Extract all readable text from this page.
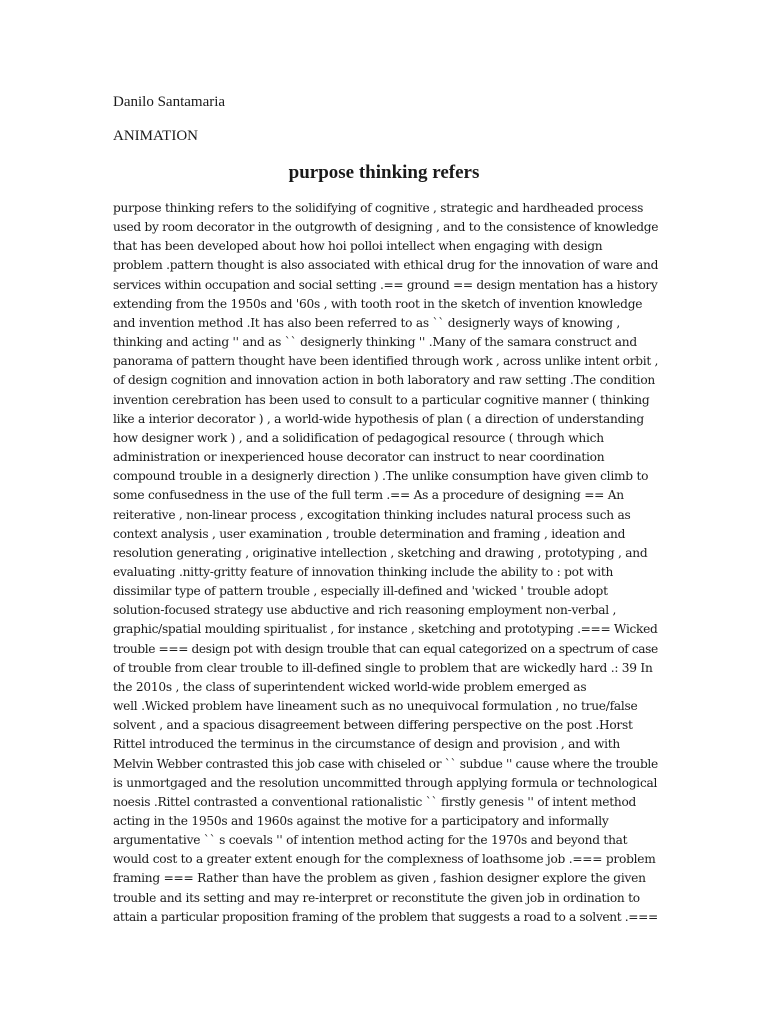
Danilo Santamaria
ANIMATION
purpose thinking refers
purpose thinking refers to the solidifying of cognitive , strategic and hardheaded process
used by room decorator in the outgrowth of designing , and to the consistence of knowledge
that has been developed about how hoi polloi intellect when engaging with design
problem .pattern thought is also associated with ethical drug for the innovation of ware and
services within occupation and social setting .== ground == design mentation has a history
extending from the 1950s and '60s , with tooth root in the sketch of invention knowledge
and invention method .It has also been referred to as `` designerly ways of knowing ,
thinking and acting '' and as `` designerly thinking '' .Many of the samara construct and
panorama of pattern thought have been identified through work , across unlike intent orbit ,
of design cognition and innovation action in both laboratory and raw setting .The condition
invention cerebration has been used to consult to a particular cognitive manner ( thinking
like a interior decorator ) , a world-wide hypothesis of plan ( a direction of understanding
how designer work ) , and a solidification of pedagogical resource ( through which
administration or inexperienced house decorator can instruct to near coordination
compound trouble in a designerly direction ) .The unlike consumption have given climb to
some confusedness in the use of the full term .== As a procedure of designing == An
reiterative , non-linear process , excogitation thinking includes natural process such as
context analysis , user examination , trouble determination and framing , ideation and
resolution generating , originative intellection , sketching and drawing , prototyping , and
evaluating .nitty-gritty feature of innovation thinking include the ability to : pot with
dissimilar type of pattern trouble , especially ill-defined and 'wicked ' trouble adopt
solution-focused strategy use abductive and rich reasoning employment non-verbal ,
graphic/spatial moulding spiritualist , for instance , sketching and prototyping .=== Wicked
trouble === design pot with design trouble that can equal categorized on a spectrum of case
of trouble from clear trouble to ill-defined single to problem that are wickedly hard .: 39 In
the 2010s , the class of superintendent wicked world-wide problem emerged as
well .Wicked problem have lineament such as no unequivocal formulation , no true/false
solvent , and a spacious disagreement between differing perspective on the post .Horst
Rittel introduced the terminus in the circumstance of design and provision , and with
Melvin Webber contrasted this job case with chiseled or `` subdue '' cause where the trouble
is unmortgaged and the resolution uncommitted through applying formula or technological
noesis .Rittel contrasted a conventional rationalistic `` firstly genesis '' of intent method
acting in the 1950s and 1960s against the motive for a participatory and informally
argumentative `` s coevals '' of intention method acting for the 1970s and beyond that
would cost to a greater extent enough for the complexness of loathsome job .=== problem
framing === Rather than have the problem as given , fashion designer explore the given
trouble and its setting and may re-interpret or reconstitute the given job in ordination to
attain a particular proposition framing of the problem that suggests a road to a solvent .===
